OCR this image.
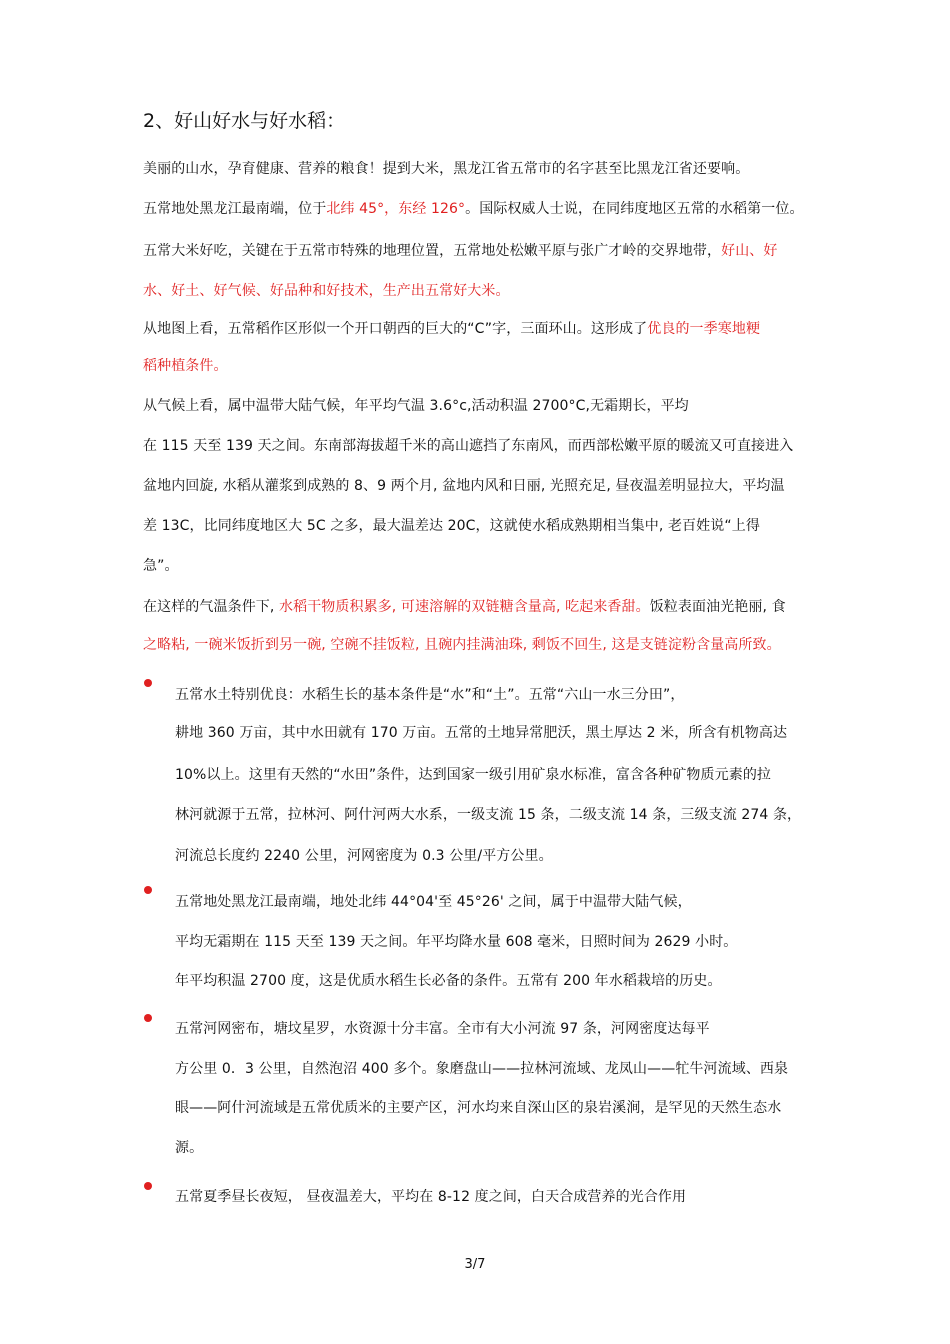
2、好山好水与好水稻：
美丽的山水，孕育健康、营养的粮食！提到大米，黑龙江省五常市的名字甚至比黑龙江省还要响。
五常地处黑龙江最南端，位于北纬 45°，东经 126°。国际权威人士说，在同纬度地区五常的水稻第一位。
五常大米好吃，关键在于五常市特殊的地理位置，五常地处松嫩平原与张广才岭的交界地带，好山、好
水、好土、好气候、好品种和好技术，生产出五常好大米。
从地图上看，五常稻作区形似一个开口朝西的巨大的“C”字，三面环山。这形成了优良的一季寒地粳
稻种植条件。
从气候上看，属中温带大陆气候，年平均气温 3.6°c,活动积温 2700°C,无霜期长，平均
在 115 天至 139 天之间。东南部海拔超千米的高山遮挡了东南风，而西部松嫩平原的暖流又可直接进入
盆地内回旋, 水稻从灌浆到成熟的 8、9 两个月, 盆地内风和日丽, 光照充足, 昼夜温差明显拉大，平均温
差 13C，比同纬度地区大 5C 之多，最大温差达 20C，这就使水稻成熟期相当集中, 老百姓说“上得
急”。
在这样的气温条件下, 水稻干物质积累多, 可速溶解的双链糖含量高, 吃起来香甜。饭粒表面油光艳丽, 食
之略粘, 一碗米饭折到另一碗, 空碗不挂饭粒, 且碗内挂满油珠, 剩饭不回生, 这是支链淀粉含量高所致。
五常水土特别优良：水稻生长的基本条件是“水”和“土”。五常“六山一水三分田”，
耕地 360 万亩，其中水田就有 170 万亩。五常的土地异常肥沃，黑土厚达 2 米，所含有机物高达
10%以上。这里有天然的“水田”条件，达到国家一级引用矿泉水标准，富含各种矿物质元素的拉
林河就源于五常，拉林河、阿什河两大水系，一级支流 15 条，二级支流 14 条，三级支流 274 条，
河流总长度约 2240 公里，河网密度为 0.3 公里/平方公里。
五常地处黑龙江最南端，地处北纬 44°04'至 45°26' 之间，属于中温带大陆气候，
平均无霜期在 115 天至 139 天之间。年平均降水量 608 毫米，日照时间为 2629 小时。
年平均积温 2700 度，这是优质水稻生长必备的条件。五常有 200 年水稻栽培的历史。
五常河网密布，塘坟星罗，水资源十分丰富。全市有大小河流 97 条，河网密度达每平
方公里 0．3 公里，自然泡沼 400 多个。象磨盘山——拉林河流域、龙凤山——牤牛河流域、西泉
眼——阿什河流域是五常优质米的主要产区，河水均来自深山区的泉岩溪涧，是罕见的天然生态水
源。
五常夏季昼长夜短， 昼夜温差大，平均在 8-12 度之间，白天合成营养的光合作用
3/7
